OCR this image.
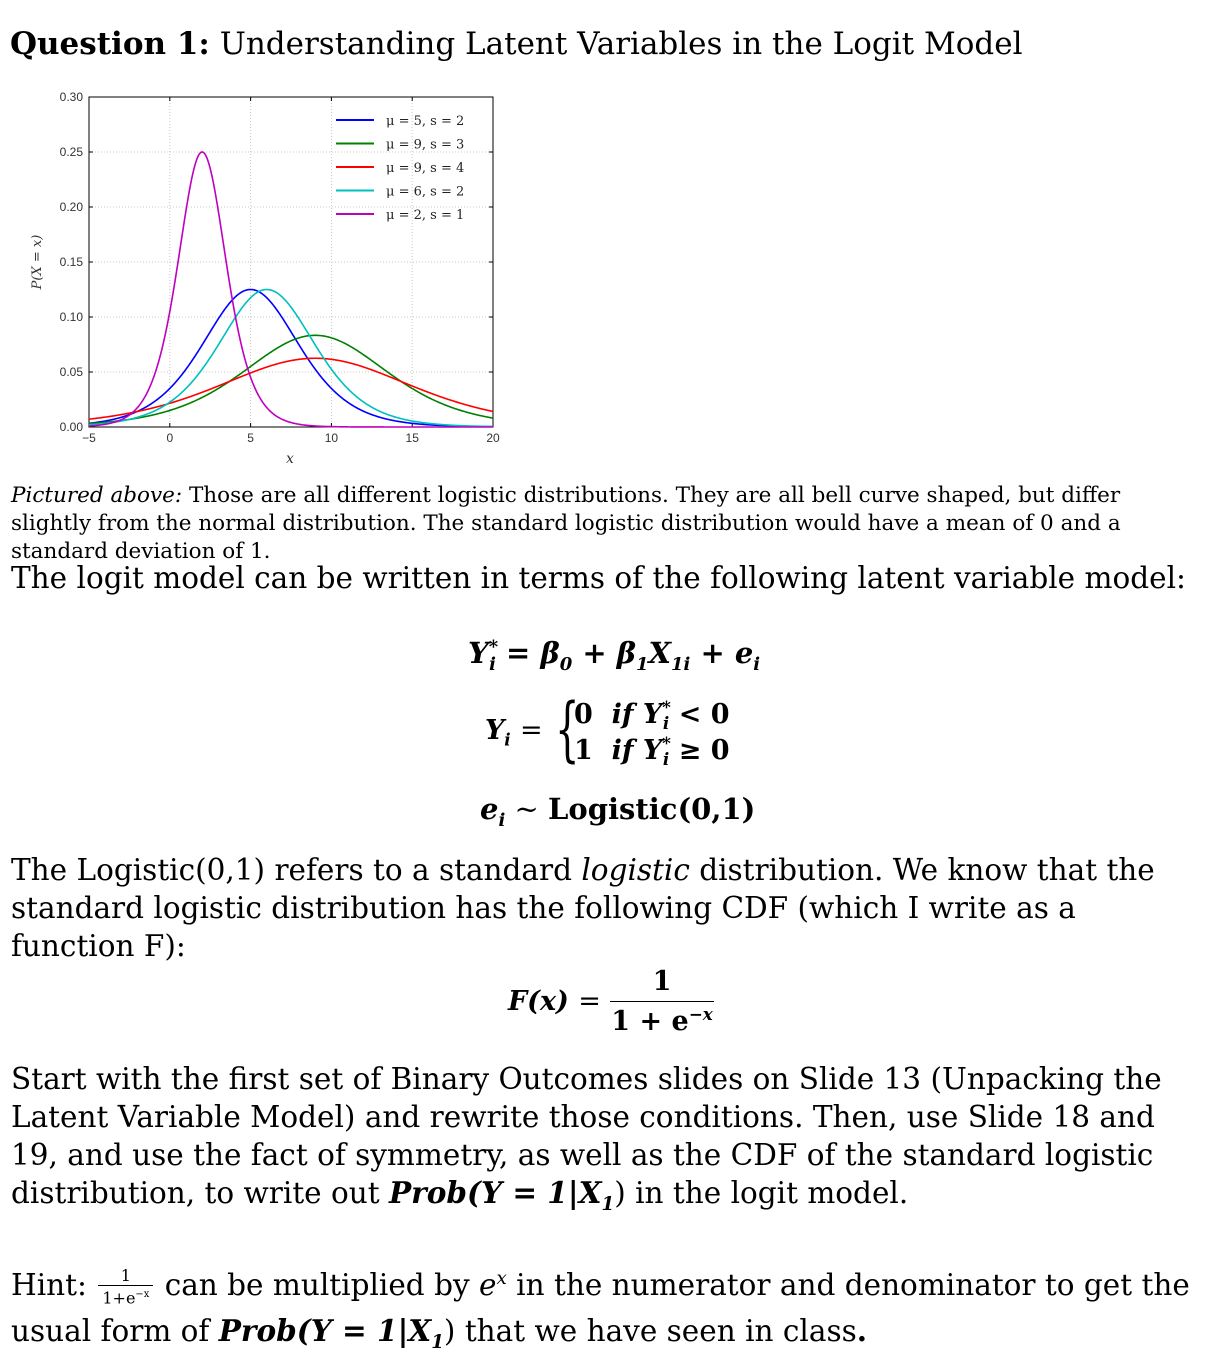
Question 1: Understanding Latent Variables in the Logit Model
−5	0	5	10	15	20
0.00
0.05
0.10
0.15
0.20
0.25
0.30
μ = 5, s = 2
μ = 9, s = 3
μ = 9, s = 4
μ = 6, s = 2
μ = 2, s = 1
x
P(X = x)
Pictured above: Those are all different logistic distributions. They are all bell curve shaped, but differ slightly from the normal distribution. The standard logistic distribution would have a mean of 0 and a standard deviation of 1.
The logit model can be written in terms of the following latent variable model:
$Y^*_i = \beta_0 + \beta_1X_{1i} + e_i$
$Y_i$ = {
0 if $Y^*_i < 0$
1 if $Y^*_i \ge 0$
$e_i$ ~ Logistic(0,1)
The Logistic(0,1) refers to a standard logistic distribution. We know that the standard logistic distribution has the following CDF (which I write as a function F):
F(x) =
1
$1 + e^{-x}$
Start with the first set of Binary Outcomes slides on Slide 13 (Unpacking the Latent Variable Model) and rewrite those conditions. Then, use Slide 18 and 19, and use the fact of symmetry, as well as the CDF of the standard logistic distribution, to write out Prob(Y = $1|X_1$) in the logit model.
Hint: $\frac{1}{1+e^{-x}}$ can be multiplied by $e^x$ in the numerator and denominator to get the usual form of Prob(Y = $1|X_1$) that we have seen in class.
